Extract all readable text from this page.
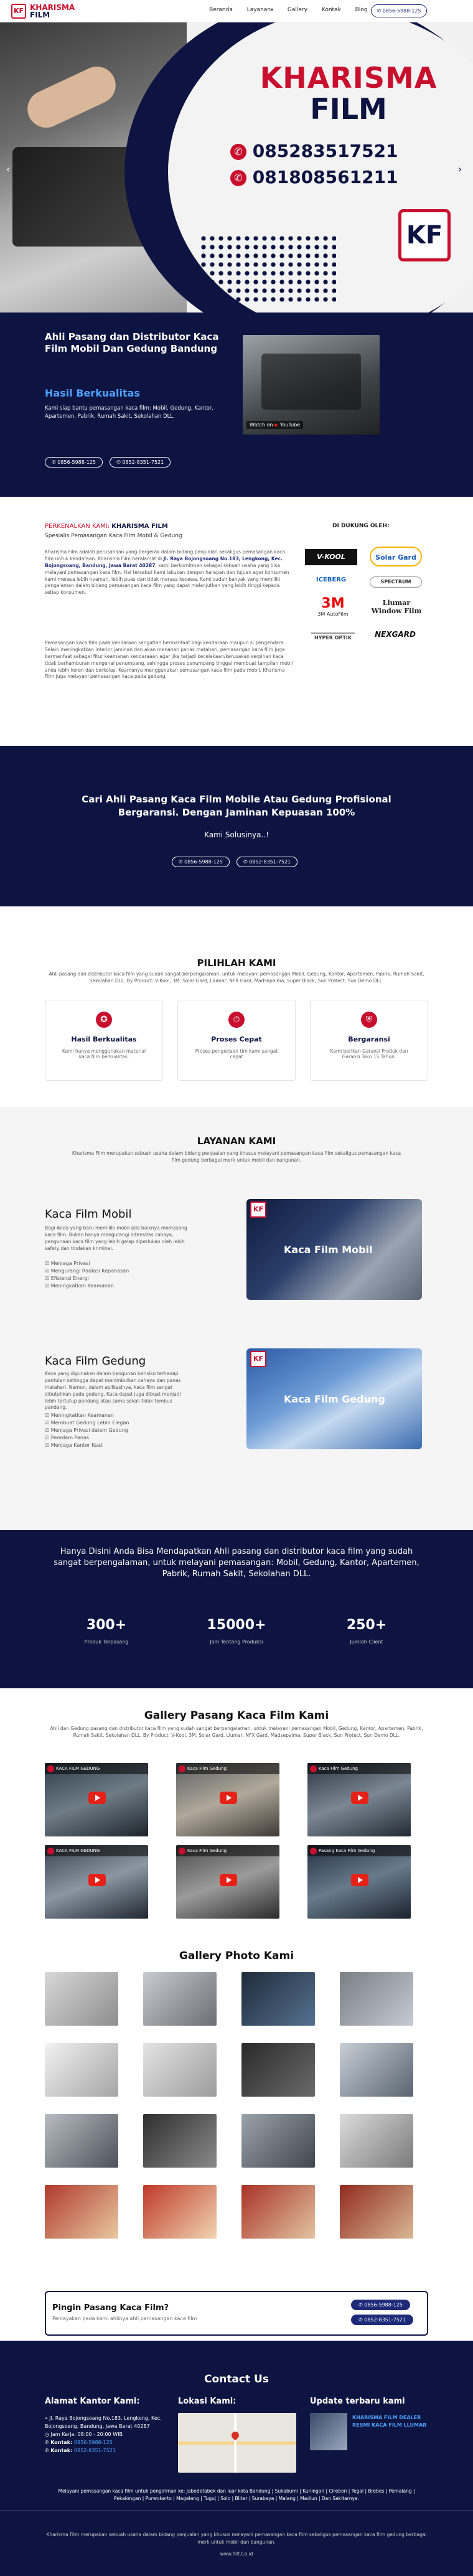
KF KHARISMA
FILM
Beranda	Layanan▾	Gallery	Kontak	Blog	✆ 0856-5988-125
KHARISMA
FILM
✆ 085283517521
✆ 081808561211
KF
‹	›
Ahli Pasang dan Distributor Kaca Film Mobil Dan Gedung Bandung
Hasil Berkualitas
Kami siap bantu pemasangan kaca film: Mobil, Gedung, Kantor, Apartemen, Pabrik, Rumah Sakit, Sekolahan DLL.
✆ 0856-5988-125	✆ 0852-8351-7521
Watch on ▶ YouTube
PERKENALKAN KAMI: KHARISMA FILM
Spesialis Pemasangan Kaca Film Mobil & Gedung
Kharisma Film adalah perusahaan yang bergerak dalam bidang penjualan sekaligus pemasangan kaca film untuk kendaraan. Kharisma Film beralamat di Jl. Raya Bojongsoang No.183, Lengkong, Kec. Bojongsoang, Bandung, Jawa Barat 40287, kami berkomitmen sebagai sebuah usaha yang bisa melayani pemasangan kaca film. Hal tersebut kami lakukan dengan harapan dan tujuan agar konsumen kami merasa lebih nyaman, lebih puas dan tidak merasa kecewa. Kami sudah banyak yang memiliki pengalaman dalam bidang pemasangan kaca film yang dapat melanjutkan yang lebih tinggi kepada setiap konsumen.
Pemasangan kaca film pada kendaraan sangatlah bermanfaat bagi kendaraan maupun si pengendara. Selain meningkatkan interior jaminan dan akan menahan panas matahari, pemasangan kaca film juga bermanfaat sebagai fitur keamanan kendaraaan agar jika terjadi kecelakaan/kerusakan serpihan kaca tidak berhamburan mengenai penumpang, sehingga proses penumpang tinggal membuat tampilan mobil anda lebih keren dan berkelas. Keamanya menggunakan pemasangan kaca film pada mobil, Kharisma Film juga melayani pemasangan kaca pada gedung.
DI DUKUNG OLEH:
V-KOOL	Solar Gard
ICEBERG	SPECTRUM
3M
3M AutoFilm
Llumar Window Film
HYPER OPTIK	NEXGARD
Cari Ahli Pasang Kaca Film Mobile Atau Gedung Profisional Bergaransi. Dengan Jaminan Kepuasan 100%
Kami Solusinya..!
✆ 0856-5988-125	✆ 0852-8351-7521
PILIHLAH KAMI
Ahli pasang dan distributor kaca film yang sudah sangat berpengalaman, untuk melayani pemasangan Mobil, Gedung, Kantor, Apartemen, Pabrik, Rumah Sakit, Sekolahan DLL. By Product: V-Kool, 3M, Solar Gard, Llumar, NFX Gard, Madsepalma, Super Black, Sun Protect, Sun Demo DLL.
✪
Hasil Berkualitas
Kami hanya menggunakan material kaca film berkualitas.
⏱
Proses Cepat
Proses pengerjaan tim kami sangat cepat
⛨
Bergaransi
Kami berikan Garansi Produk dan Garansi Toko 15 Tahun.
LAYANAN KAMI
Kharisma Film merupakan sebuah usaha dalam bidang penjualan yang khusus melayani pemasangan kaca film sekaligus pemasangan kaca film gedung berbagai merk untuk mobil dan bangunan.
Kaca Film Mobil
Bagi Anda yang baru memiliki mobil ada baiknya memasang kaca film. Bukan hanya mengurangi intensitas cahaya, pengunaan kaca film yang lebih gelap diperlukan oleh lebih safety dan tindakan kriminal.
☑ Menjaga Privasi
☑ Mengurangi Radiasi Kepanasan
☑ Efisiensi Energi
☑ Meningkatkan Keamanan
KF
Kaca Film Mobil
Kaca Film Gedung
Kaca yang digunakan dalam bangunan berisiko terhadap pantulan sehingga dapat menimbulkan cahaya dan panas matahari. Namun, dalam aplikasinya, kaca film sangat dibutuhkan pada gedung. Kaca dapat juga dibuat menjadi lebih tertutup pandang atau sama sekali tidak tembus pandang.
☑ Meningkatkan Keamanan
☑ Membuat Gedung Lebih Elegan
☑ Menjaga Privasi dalam Gedung
☑ Peredam Panas
☑ Menjaga Kantor Kuat
KF
Kaca Film Gedung
Hanya Disini Anda Bisa Mendapatkan Ahli pasang dan distributor kaca film yang sudah sangat berpengalaman, untuk melayani pemasangan: Mobil, Gedung, Kantor, Apartemen, Pabrik, Rumah Sakit, Sekolahan DLL.
300+
Produk Terpasang
15000+
Jam Tentang Produksi
250+
Jumlah Client
Gallery Pasang Kaca Film Kami
Ahli dan Gedung pasang dan distributor kaca film yang sudah sangat berpengalaman, untuk melayani pemasangan Mobil, Gedung, Kantor, Apartemen, Pabrik, Rumah Sakit, Sekolahan DLL. By Product: V-Kool, 3M, Solar Gard, Llumar, NFX Gard, Madsepalma, Super Black, Sun Protect, Sun Demo DLL.
KACA FILM GEDUNG	Kaca Film Gedung	Kaca Film Gedung
KACA FILM GEDUNG	Kaca Film Gedung	Pasang Kaca Film Gedung
Gallery Photo Kami
Pingin Pasang Kaca Film?
Percayakan pada kami ahlinya ahli pemasangan kaca film
✆ 0856-5988-125 ✆ 0852-8351-7521
Contact Us
Alamat Kantor Kami:
⌖ Jl. Raya Bojongsoang No.183, Lengkong, Kec. Bojongsoang, Bandung, Jawa Barat 40287
◷ Jam Kerja: 08:00 - 20:00 WIB
✆ Kontak: 0856-5988-125
✆ Kontak: 0852-8351-7521
Lokasi Kami:	Update terbaru kami
KHARISMA FILM DEALER RESMI KACA FILM LLUMAR
Melayani pemasangan kaca film untuk pengiriman ke: Jabodetabek dan luar kota Bandung | Sukabumi | Kuningan | Cirebon | Tegal | Brebes | Pemalang | Pekalongan | Purwokerto | Magelang | Tuguj | Solo | Blitar | Surabaya | Malang | Madiun | Dan Sekitarnya.
Kharisma Film merupakan sebuah usaha dalam bidang penjualan yang khusus melayani pemasangan kaca film sekaligus pemasangan kaca film gedung berbagai merk untuk mobil dan bangunan.
www.Tilt.Co.id
